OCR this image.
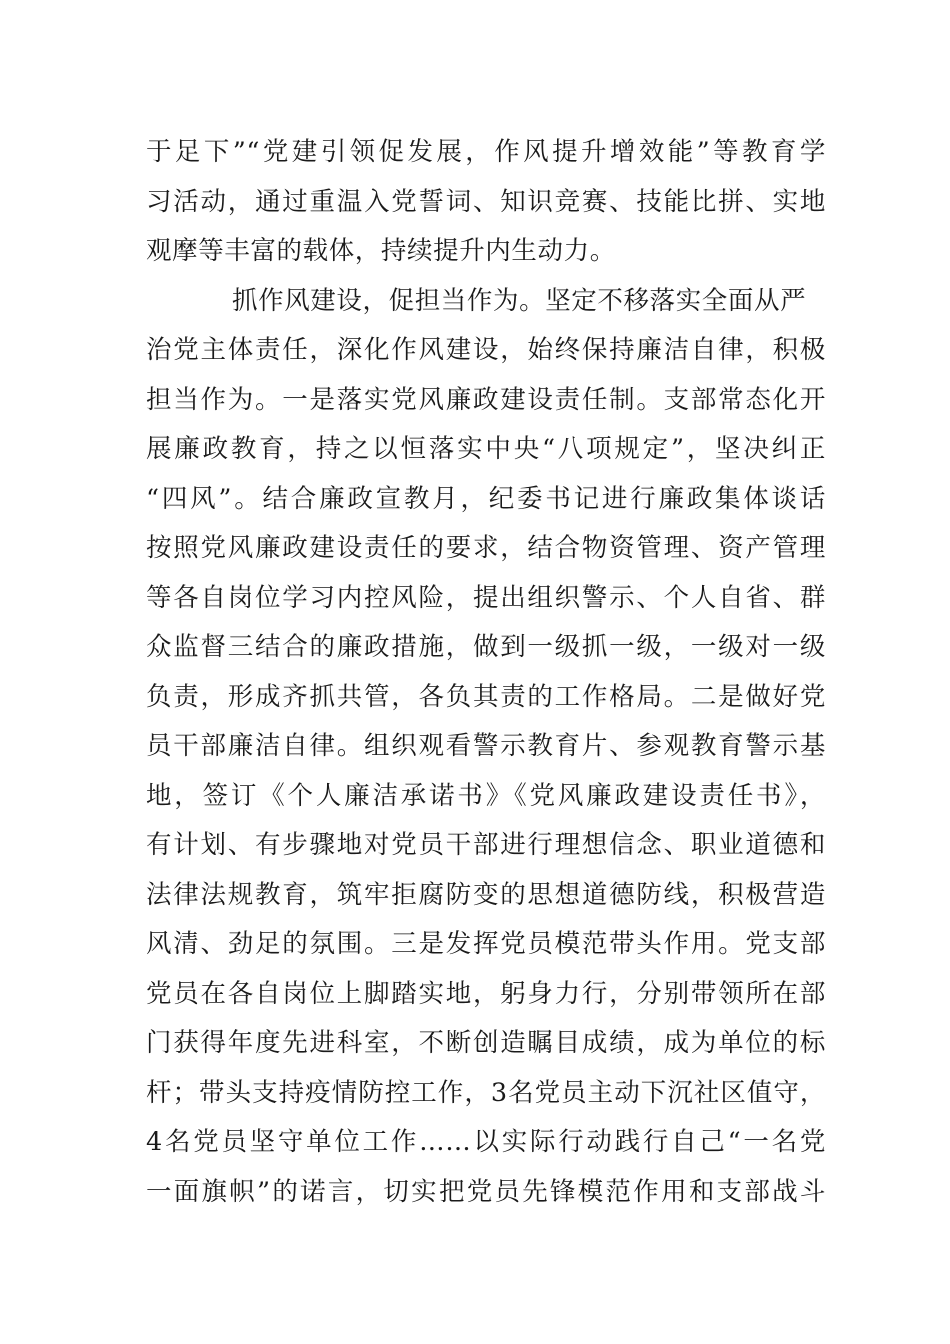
于足下”“党建引领促发展，作风提升增效能”等教育学
习活动，通过重温入党誓词、知识竞赛、技能比拼、实地
观摩等丰富的载体，持续提升内生动力。
抓作风建设，促担当作为。坚定不移落实全面从严
治党主体责任，深化作风建设，始终保持廉洁自律，积极
担当作为。一是落实党风廉政建设责任制。支部常态化开
展廉政教育，持之以恒落实中央“八项规定”，坚决纠正
“四风”。结合廉政宣教月，纪委书记进行廉政集体谈话
按照党风廉政建设责任的要求，结合物资管理、资产管理
等各自岗位学习内控风险，提出组织警示、个人自省、群
众监督三结合的廉政措施，做到一级抓一级，一级对一级
负责，形成齐抓共管，各负其责的工作格局。二是做好党
员干部廉洁自律。组织观看警示教育片、参观教育警示基
地，签订《个人廉洁承诺书》《党风廉政建设责任书》，
有计划、有步骤地对党员干部进行理想信念、职业道德和
法律法规教育，筑牢拒腐防变的思想道德防线，积极营造
风清、劲足的氛围。三是发挥党员模范带头作用。党支部
党员在各自岗位上脚踏实地，躬身力行，分别带领所在部
门获得年度先进科室，不断创造瞩目成绩，成为单位的标
杆；带头支持疫情防控工作，3名党员主动下沉社区值守，
4名党员坚守单位工作……以实际行动践行自己“一名党
一面旗帜”的诺言，切实把党员先锋模范作用和支部战斗
